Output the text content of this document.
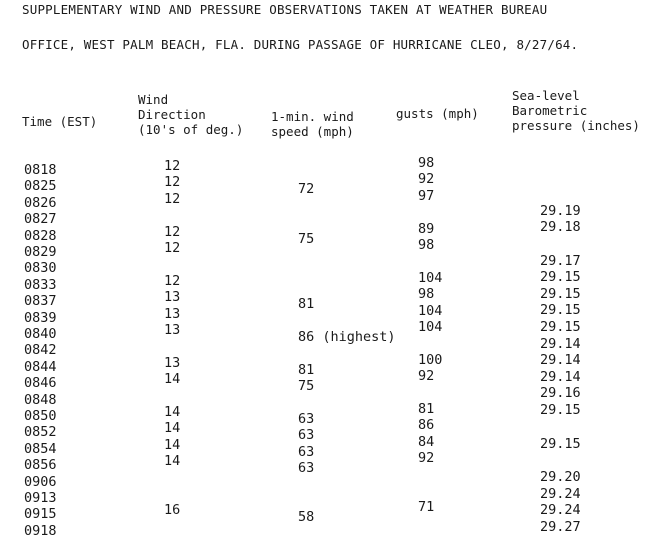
SUPPLEMENTARY WIND AND PRESSURE OBSERVATIONS TAKEN AT WEATHER BUREAU
OFFICE, WEST PALM BEACH, FLA. DURING PASSAGE OF HURRICANE CLEO, 8/27/64.
Time (EST)
Wind
Direction
(10's of deg.)
1-min. wind
speed (mph)
gusts (mph)
Sea-level
Barometric
pressure (inches)
0818
0825
0826
0827
0828
0829
0830
0833
0837
0839
0840
0842
0844
0846
0848
0850
0852
0854
0856
0906
0913
0915
0918
12
12
12
12
12
12
13
13
13
13
14
14
14
14
14
16
72
75
81
86 (highest)
81
75
63
63
63
63
58
98
92
97
89
98
104
98
104
104
100
92
81
86
84
92
71
29.19
29.18
29.17
29.15
29.15
29.15
29.15
29.14
29.14
29.14
29.16
29.15
29.15
29.20
29.24
29.24
29.27
